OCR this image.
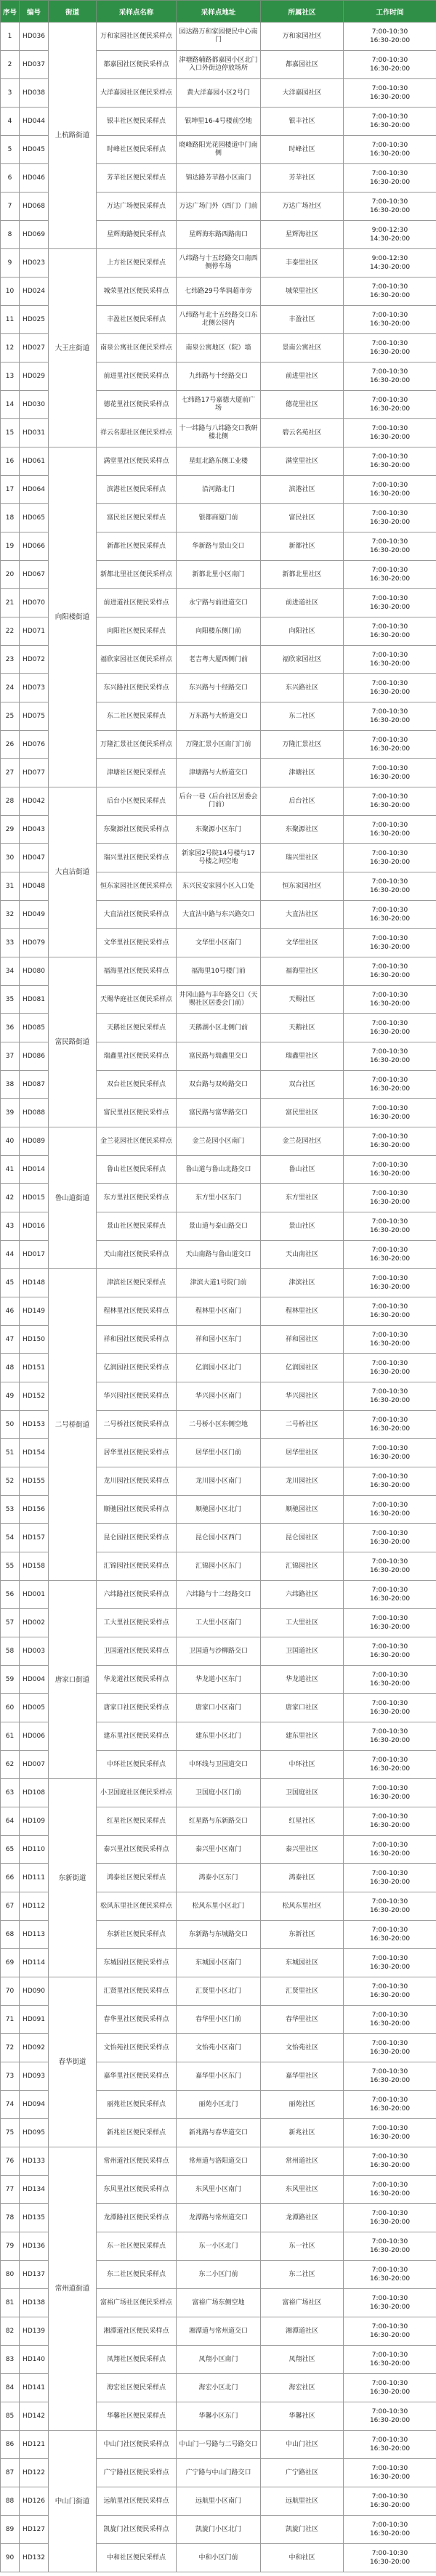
序号	编号	街道	采样点名称	采样点地址	所属社区	工作时间
1	HD036	上杭路街道	万和家园社区便民采样点	园达路万和家园便民中心南门	万和家园社区	7:00-10:30
16:30-20:00

2	HD037		都嘉园社区便民采样点	津塘路辅路都嘉园小区北门入口外街边停放场所	都嘉园社区	7:00-10:30
16:30-20:00

3	HD038		大洋嘉园社区便民采样点	黄大洋嘉园小区2号门	大洋嘉园社区	7:00-10:30
16:30-20:00

4	HD044		银丰社区便民采样点	银坤里16-4号楼前空地	银丰社区	7:00-10:30
16:30-20:00

5	HD045		时峰社区便民采样点	晓峰路阳光花园楼道中门南侧	时峰社区	7:00-10:30
16:30-20:00

6	HD046		芳苹社区便民采样点	锦达路芳苹路小区南门	芳苹社区	7:00-10:30
16:30-20:00

7	HD068		万达广场便民采样点	万达广场门外（西门）门前	万达广场社区	7:00-10:30
16:30-20:00

8	HD069		星辉海路便民采样点	星辉海东路西路南口	星辉海社区	9:00-12:30
14:30-20:00

9	HD023	大王庄街道	上方社区便民采样点	八纬路与十五经路交口南西侧停车场	丰泰里社区	9:00-12:30
14:30-20:00

10	HD024		城荣里社区便民采样点	七纬路29号华润超市旁	城荣里社区	7:00-10:30
16:30-20:00

11	HD025		丰盈社区便民采样点	八纬路与北十五经路交口东北侧公园内	丰盈社区	7:00-10:30
16:30-20:00

12	HD027		南泉公寓社区便民采样点	南泉公寓地区（院）墙	景南公寓社区	7:00-10:30
16:30-20:00

13	HD029		前进里社区便民采样点	九纬路与十经路交口	前进里社区	7:00-10:30
16:30-20:00

14	HD030		德花里社区便民采样点	七纬路17号嘉德大厦前广场	德花里社区	7:00-10:30
16:30-20:00

15	HD031		祥云名邸社区便民采样点	十一纬路与八纬路交口教研楼北侧	碧云名苑社区	7:00-10:30
16:30-20:00

16	HD061	向阳楼街道	满堂里社区便民采样点	星虹北路东侧工业楼	满堂里社区	7:00-10:30
16:30-20:00

17	HD064		滨港社区便民采样点	沿河路北门	滨港社区	7:00-10:30
16:30-20:00

18	HD065		富民社区便民采样点	银都商厦门前	富民社区	7:00-10:30
16:30-20:00

19	HD066		新都社区便民采样点	华新路与景山交口	新都社区	7:00-10:30
16:30-20:00

20	HD067		新都北里社区便民采样点	新都北里小区南门	新都北里社区	7:00-10:30
16:30-20:00

21	HD070		前进道社区便民采样点	永宁路与前进道交口	前进道社区	7:00-10:30
16:30-20:00

22	HD071		向阳社区便民采样点	向阳楼东侧门前	向阳社区	7:00-10:30
16:30-20:00

23	HD072		福欣家园社区便民采样点	老吉粤大厦西侧门前	福欣家园社区	7:00-10:30
16:30-20:00

24	HD073		东兴路社区便民采样点	东兴路与十经路交口	东兴路社区	7:00-10:30
16:30-20:00

25	HD075		东二社区便民采样点	万东路与大桥道交口	东二社区	7:00-10:30
16:30-20:00

26	HD076		万隆汇景社区便民采样点	万隆汇景小区南门门前	万隆汇景社区	7:00-10:30
16:30-20:00

27	HD077		津塘社区便民采样点	津塘路与大桥道交口	津塘社区	7:00-10:30
16:30-20:00

28	HD042	大直沽街道	后台小区便民采样点	后台一巷（后台社区居委会门前）	后台社区	7:00-10:30
16:30-20:00

29	HD043		东聚源社区便民采样点	东聚源小区东门	东聚源社区	7:00-10:30
16:30-20:00

30	HD047		瑞兴里社区便民采样点	新家园2号院14号楼与17号楼之间空地	瑞兴里社区	7:00-10:30
16:30-20:00

31	HD048		恒东家园社区便民采样点	东兴民安家园小区入口处	恒东家园社区	7:00-10:30
16:30-20:00

32	HD049		大直沽社区便民采样点	大直沽中路与东兴路交口	大直沽社区	7:00-10:30
16:30-20:00

33	HD079		文华里社区便民采样点	文华里小区南门	文华里社区	7:00-10:30
16:30-20:00

34	HD080	富民路街道	福海里社区便民采样点	福海里10号楼门前	福海里社区	7:00-10:30
16:30-20:00

35	HD081		天赐华庭社区便民采样点	井冈山路与丰年路交口（天赐社区居委会门前）	天赐社区	7:00-10:30
16:30-20:00

36	HD085		天鹅社区便民采样点	天鹅湖小区北侧门前	天鹅社区	7:00-10:30
16:30-20:00

37	HD086		瑞鑫里社区便民采样点	富民路与瑞鑫里交口	瑞鑫里社区	7:00-10:30
16:30-20:00

38	HD087		双台社区便民采样点	双台路与双岭路交口	双台社区	7:00-10:30
16:30-20:00

39	HD088		富民里社区便民采样点	富民路与富华路交口	富民里社区	7:00-10:30
16:30-20:00

40	HD089	鲁山道街道	金兰花园社区便民采样点	金兰花园小区南门	金兰花园社区	7:00-10:30
16:30-20:00

41	HD014		鲁山社区便民采样点	鲁山道与鲁山北路交口	鲁山社区	7:00-10:30
16:30-20:00

42	HD015		东方里社区便民采样点	东方里小区东门	东方里社区	7:00-10:30
16:30-20:00

43	HD016		景山社区便民采样点	景山道与泰山路交口	景山社区	7:00-10:30
16:30-20:00

44	HD017		天山南社区便民采样点	天山南路与鲁山道交口	天山南社区	7:00-10:30
16:30-20:00

45	HD148	二号桥街道	津滨社区便民采样点	津滨大道1号院门前	津滨社区	7:00-10:30
16:30-20:00

46	HD149		程林里社区便民采样点	程林里小区南门	程林里社区	7:00-10:30
16:30-20:00

47	HD150		祥和园社区便民采样点	祥和园小区东门	祥和园社区	7:00-10:30
16:30-20:00

48	HD151		亿润园社区便民采样点	亿润园小区北门	亿润园社区	7:00-10:30
16:30-20:00

49	HD152		华兴园社区便民采样点	华兴园小区南门	华兴园社区	7:00-10:30
16:30-20:00

50	HD153		二号桥社区便民采样点	二号桥小区东侧空地	二号桥社区	7:00-10:30
16:30-20:00

51	HD154		居华里社区便民采样点	居华里小区门前	居华里社区	7:00-10:30
16:30-20:00

52	HD155		龙川园社区便民采样点	龙川园小区南门	龙川园社区	7:00-10:30
16:30-20:00

53	HD156		顺驰园社区便民采样点	顺驰园小区北门	顺驰园社区	7:00-10:30
16:30-20:00

54	HD157		昆仑园社区便民采样点	昆仑园小区西门	昆仑园社区	7:00-10:30
16:30-20:00

55	HD158		汇锦园社区便民采样点	汇锦园小区东门	汇锦园社区	7:00-10:30
16:30-20:00

56	HD001	唐家口街道	六纬路社区便民采样点	六纬路与十二经路交口	六纬路社区	7:00-10:30
16:30-20:00

57	HD002		工大里社区便民采样点	工大里小区南门	工大里社区	7:00-10:30
16:30-20:00

58	HD003		卫国道社区便民采样点	卫国道与沙柳路交口	卫国道社区	7:00-10:30
16:30-20:00

59	HD004		华龙道社区便民采样点	华龙道小区东门	华龙道社区	7:00-10:30
16:30-20:00

60	HD005		唐家口社区便民采样点	唐家口小区南门	唐家口社区	7:00-10:30
16:30-20:00

61	HD006		建东里社区便民采样点	建东里小区北门	建东里社区	7:00-10:30
16:30-20:00

62	HD007		中环社区便民采样点	中环线与卫国道交口	中环社区	7:00-10:30
16:30-20:00

63	HD108	东新街道	小卫国庭社区便民采样点	卫国庭小区门前	卫国庭社区	7:00-10:30
16:30-20:00

64	HD109		红星社区便民采样点	红星路与东新路交口	红星社区	7:00-10:30
16:30-20:00

65	HD110		泰兴里社区便民采样点	泰兴里小区南门	泰兴里社区	7:00-10:30
16:30-20:00

66	HD111		鸿泰社区便民采样点	鸿泰小区东门	鸿泰社区	7:00-10:30
16:30-20:00

67	HD112		松风东里社区便民采样点	松风东里小区北门	松风东里社区	7:00-10:30
16:30-20:00

68	HD113		东新社区便民采样点	东新路与东城路交口	东新社区	7:00-10:30
16:30-20:00

69	HD114		东城园社区便民采样点	东城园小区南门	东城园社区	7:00-10:30
16:30-20:00

70	HD090	春华街道	汇贤里社区便民采样点	汇贤里小区北门	汇贤里社区	7:00-10:30
16:30-20:00

71	HD091		春华里社区便民采样点	春华里小区门前	春华里社区	7:00-10:30
16:30-20:00

72	HD092		文怡苑社区便民采样点	文怡苑小区南门	文怡苑社区	7:00-10:30
16:30-20:00

73	HD093		嘉华里社区便民采样点	嘉华里小区东门	嘉华里社区	7:00-10:30
16:30-20:00

74	HD094		丽苑社区便民采样点	丽苑小区北门	丽苑社区	7:00-10:30
16:30-20:00

75	HD095		新兆社区便民采样点	新兆路与春华道交口	新兆社区	7:00-10:30
16:30-20:00

76	HD133	常州道街道	常州道社区便民采样点	常州道与洛阳道交口	常州道社区	7:00-10:30
16:30-20:00

77	HD134		东风里社区便民采样点	东风里小区南门	东风里社区	7:00-10:30
16:30-20:00

78	HD135		龙潭路社区便民采样点	龙潭路与常州道交口	龙潭路社区	7:00-10:30
16:30-20:00

79	HD136		东一社区便民采样点	东一小区北门	东一社区	7:00-10:30
16:30-20:00

80	HD137		东二社区便民采样点	东二小区门前	东二社区	7:00-10:30
16:30-20:00

81	HD138		富裕广场社区便民采样点	富裕广场东侧空地	富裕广场社区	7:00-10:30
16:30-20:00

82	HD139		湘潭道社区便民采样点	湘潭道与常州道交口	湘潭道社区	7:00-10:30
16:30-20:00

83	HD140		凤翔社区便民采样点	凤翔小区南门	凤翔社区	7:00-10:30
16:30-20:00

84	HD141		海宏社区便民采样点	海宏小区北门	海宏社区	7:00-10:30
16:30-20:00

85	HD142		华馨社区便民采样点	华馨小区东门	华馨社区	7:00-10:30
16:30-20:00

86	HD121	中山门街道	中山门社区便民采样点	中山门一号路与二号路交口	中山门社区	7:00-10:30
16:30-20:00

87	HD122		广宁路社区便民采样点	广宁路与中山门路交口	广宁路社区	7:00-10:30
16:30-20:00

88	HD126		远航里社区便民采样点	远航里小区南门	远航里社区	7:00-10:30
16:30-20:00

89	HD127		凯旋门社区便民采样点	凯旋门小区北门	凯旋门社区	7:00-10:30
16:30-20:00

90	HD132		中和社区便民采样点	中和小区门前	中和社区	7:00-10:30
16:30-20:00
